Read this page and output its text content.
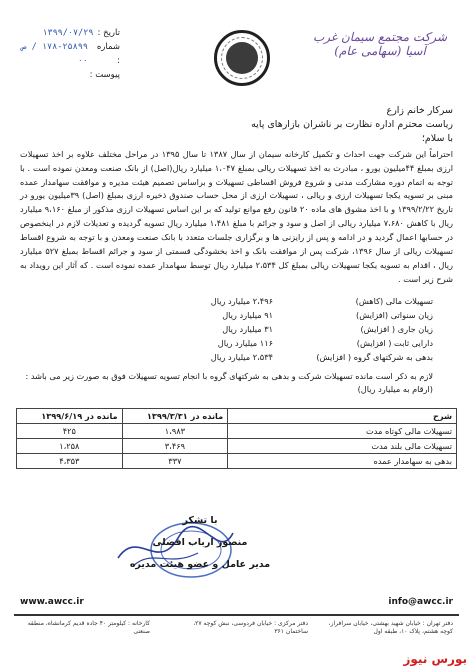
تاریخ :
۱۳۹۹/۰۷/۲۹
شماره :
۱۷۸-۲۵۸۹۹ / ص ۰۰
پیوست :
شرکت مجتمع سیمان غرب آسیا (سهامی عام)

سرکار خانم زارع

ریاست محترم اداره نظارت بر ناشران بازارهای پایه

با سلام؛

احتراماً این شرکت جهت احداث و تکمیل کارخانه سیمان از سال ۱۳۸۷ تا سال ۱۳۹۵ در مراحل مختلف علاوه بر اخذ تسهیلات ارزی بمبلغ ۴۴میلیون یورو ، مبادرت به اخذ تسهیلات ریالی بمبلغ ۱،۰۴۷ میلیارد ریال(اصل) از بانک صنعت ومعدن نموده است . با توجه به اتمام دوره مشارکت مدنی و شروع فروش اقساطی تسهیلات و براساس تصمیم هیئت مدیره و موافقت سهامدار عمده مبنی بر تسویه یکجا تسهیلات ارزی و ریالی ، تسهیلات ارزی از محل حساب صندوق ذخیره ارزی بمبلغ (اصل) ۳۹میلیون یورو در تاریخ ۱۳۹۹/۲/۲۲ و با اخذ مشوق های ماده ۲۰ قانون رفع موانع تولید که بر این اساس تسهیلات ارزی مذکور از مبلغ ۹،۱۶۰ میلیارد ریال با کاهش ۷،۶۸۰ میلیارد ریالی از اصل و سود و جرائم با مبلغ ۱،۴۸۱ میلیارد ریال تسویه گردیده و تعدیلات لازم در اینخصوص در حسابها اعمال گردید و در ادامه و پس از رایزنی ها و برگزاری جلسات متعدد با بانک صنعت ومعدن و با توجه به شروع اقساط تسهیلات ریالی از سال ۱۳۹۶، شرکت پس از موافقت بانک و اخذ بخشودگی قسمتی از سود و جرائم اقساط بمبلغ ۵۲۷ میلیارد ریال ، اقدام به تسویه یکجا تسهیلات ریالی بمبلغ کل ۲،۵۳۴ میلیارد ریال توسط سهامدار عمده نموده است . که آثار این رویداد به شرح زیر است .

تسهیلات مالی (کاهش)
۲،۴۹۶ میلیارد ریال
زیان سنواتی (افزایش)
۹۱ میلیارد ریال
زیان جاری ( افزایش)
۳۱ میلیارد ریال
دارایی ثابت ( افزایش)
۱۱۶ میلیارد ریال
بدهی به شرکتهای گروه ( افزایش)
۲،۵۳۴ میلیارد ریال

لازم به ذکر است مانده تسهیلات شرکت و بدهی به شرکتهای گروه با انجام تسویه تسهیلات فوق به صورت زیر می باشد :

(ارقام به میلیارد ریال)

شرح	مانده در ۱۳۹۹/۳/۳۱	مانده در ۱۳۹۹/۶/۱۹
تسهیلات مالی کوتاه مدت	۱،۹۸۳	۴۲۵
تسهیلات مالی بلند مدت	۳،۴۶۹	۱،۲۵۸
بدهی به سهامدار عمده	۳۳۷	۴،۳۵۳

با تشکر

منصور ارباب افضلی

مدیر عامل و عضو هیئت مدیره

www.awcc.ir	info@awcc.ir
دفتر تهران : خیابان شهید بهشتی، خیابان سرافراز، کوچه هشتم، پلاک ۱۰، طبقه اول
دفتر مرکزی : خیابان فردوسی، نبش کوچه ۲۷، ساختمان ۳۶۱
کارخانه : کیلومتر ۴۰ جاده قدیم کرمانشاه، منطقه صنعتی
بورس نیوز
